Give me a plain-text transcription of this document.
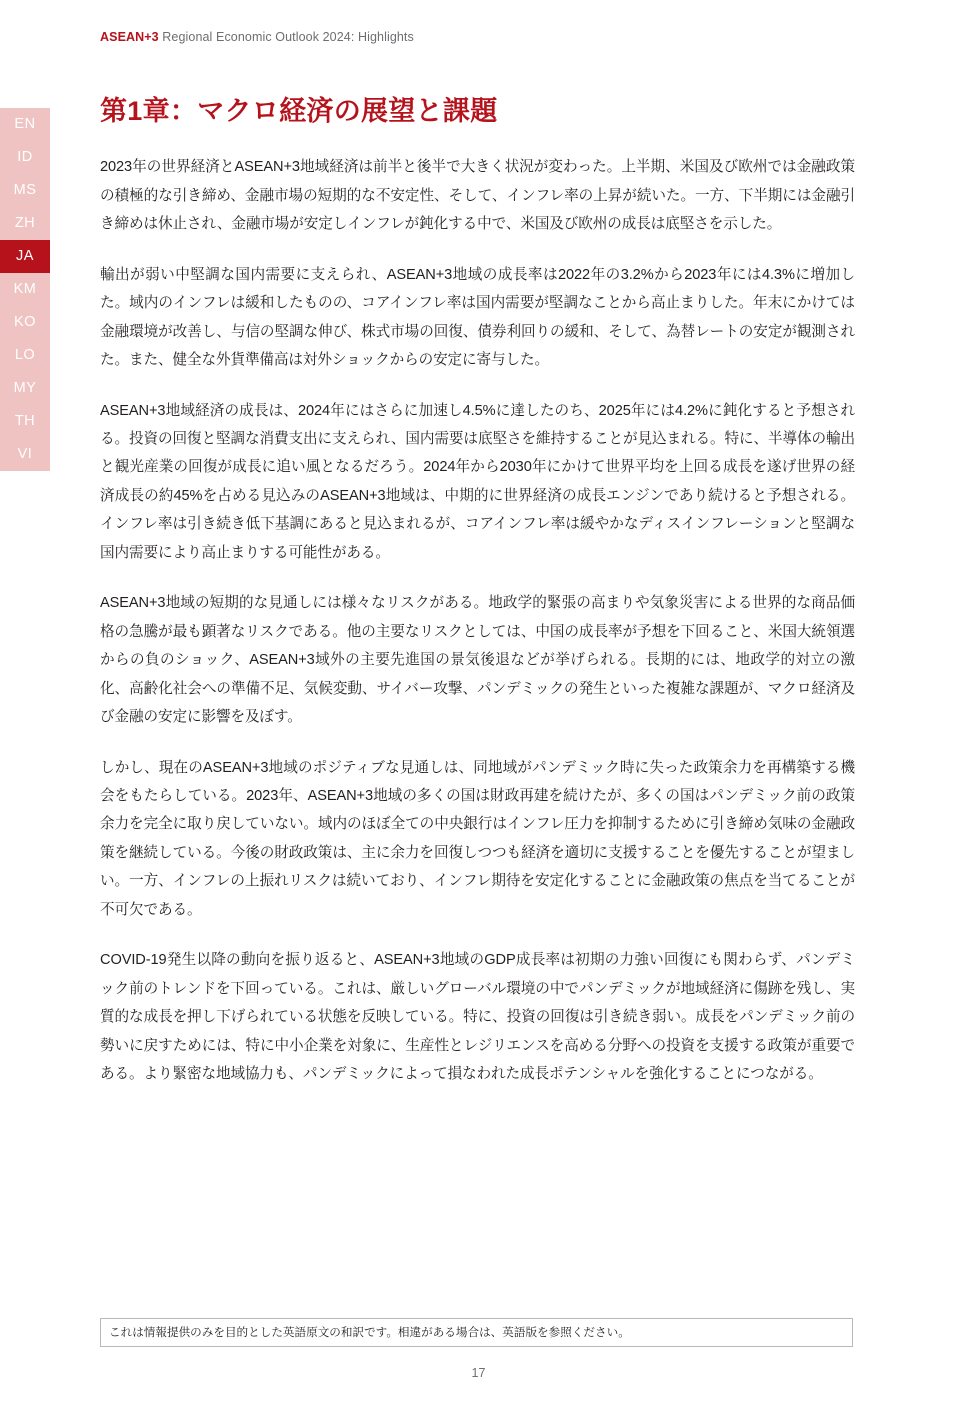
ASEAN+3 Regional Economic Outlook 2024: Highlights
EN
ID
MS
ZH
JA
KM
KO
LO
MY
TH
VI
第1章：マクロ経済の展望と課題

2023年の世界経済とASEAN+3地域経済は前半と後半で大きく状況が変わった。上半期、米国及び欧州では金融政策の積極的な引き締め、金融市場の短期的な不安定性、そして、インフレ率の上昇が続いた。一方、下半期には金融引き締めは休止され、金融市場が安定しインフレが鈍化する中で、米国及び欧州の成長は底堅さを示した。

輸出が弱い中堅調な国内需要に支えられ、ASEAN+3地域の成長率は2022年の3.2%から2023年には4.3%に増加した。域内のインフレは緩和したものの、コアインフレ率は国内需要が堅調なことから高止まりした。年末にかけては金融環境が改善し、与信の堅調な伸び、株式市場の回復、債券利回りの緩和、そして、為替レートの安定が観測された。また、健全な外貨準備高は対外ショックからの安定に寄与した。

ASEAN+3地域経済の成長は、2024年にはさらに加速し4.5%に達したのち、2025年には4.2%に鈍化すると予想される。投資の回復と堅調な消費支出に支えられ、国内需要は底堅さを維持することが見込まれる。特に、半導体の輸出と観光産業の回復が成長に追い風となるだろう。2024年から2030年にかけて世界平均を上回る成長を遂げ世界の経済成長の約45%を占める見込みのASEAN+3地域は、中期的に世界経済の成長エンジンであり続けると予想される。インフレ率は引き続き低下基調にあると見込まれるが、コアインフレ率は緩やかなディスインフレーションと堅調な国内需要により高止まりする可能性がある。

ASEAN+3地域の短期的な見通しには様々なリスクがある。地政学的緊張の高まりや気象災害による世界的な商品価格の急騰が最も顕著なリスクである。他の主要なリスクとしては、中国の成長率が予想を下回ること、米国大統領選からの負のショック、ASEAN+3域外の主要先進国の景気後退などが挙げられる。長期的には、地政学的対立の激化、高齢化社会への準備不足、気候変動、サイバー攻撃、パンデミックの発生といった複雑な課題が、マクロ経済及び金融の安定に影響を及ぼす。

しかし、現在のASEAN+3地域のポジティブな見通しは、同地域がパンデミック時に失った政策余力を再構築する機会をもたらしている。2023年、ASEAN+3地域の多くの国は財政再建を続けたが、多くの国はパンデミック前の政策余力を完全に取り戻していない。域内のほぼ全ての中央銀行はインフレ圧力を抑制するために引き締め気味の金融政策を継続している。今後の財政政策は、主に余力を回復しつつも経済を適切に支援することを優先することが望ましい。一方、インフレの上振れリスクは続いており、インフレ期待を安定化することに金融政策の焦点を当てることが不可欠である。

COVID-19発生以降の動向を振り返ると、ASEAN+3地域のGDP成長率は初期の力強い回復にも関わらず、パンデミック前のトレンドを下回っている。これは、厳しいグローバル環境の中でパンデミックが地域経済に傷跡を残し、実質的な成長を押し下げられている状態を反映している。特に、投資の回復は引き続き弱い。成長をパンデミック前の勢いに戻すためには、特に中小企業を対象に、生産性とレジリエンスを高める分野への投資を支援する政策が重要である。より緊密な地域協力も、パンデミックによって損なわれた成長ポテンシャルを強化することにつながる。

これは情報提供のみを目的とした英語原文の和訳です。相違がある場合は、英語版を参照ください。
17
